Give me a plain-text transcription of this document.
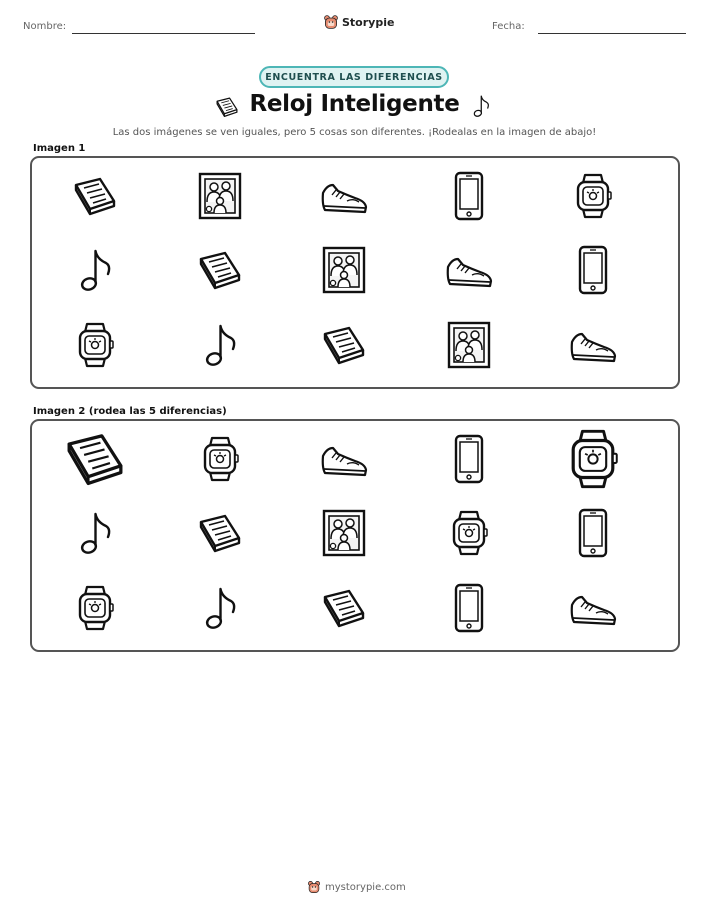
Nombre:	Storypie	Fecha:
ENCUENTRA LAS DIFERENCIAS
Reloj Inteligente
Las dos imágenes se ven iguales, pero 5 cosas son diferentes. ¡Rodealas en la imagen de abajo!
Imagen 1
Imagen 2 (rodea las 5 diferencias)
mystorypie.com
